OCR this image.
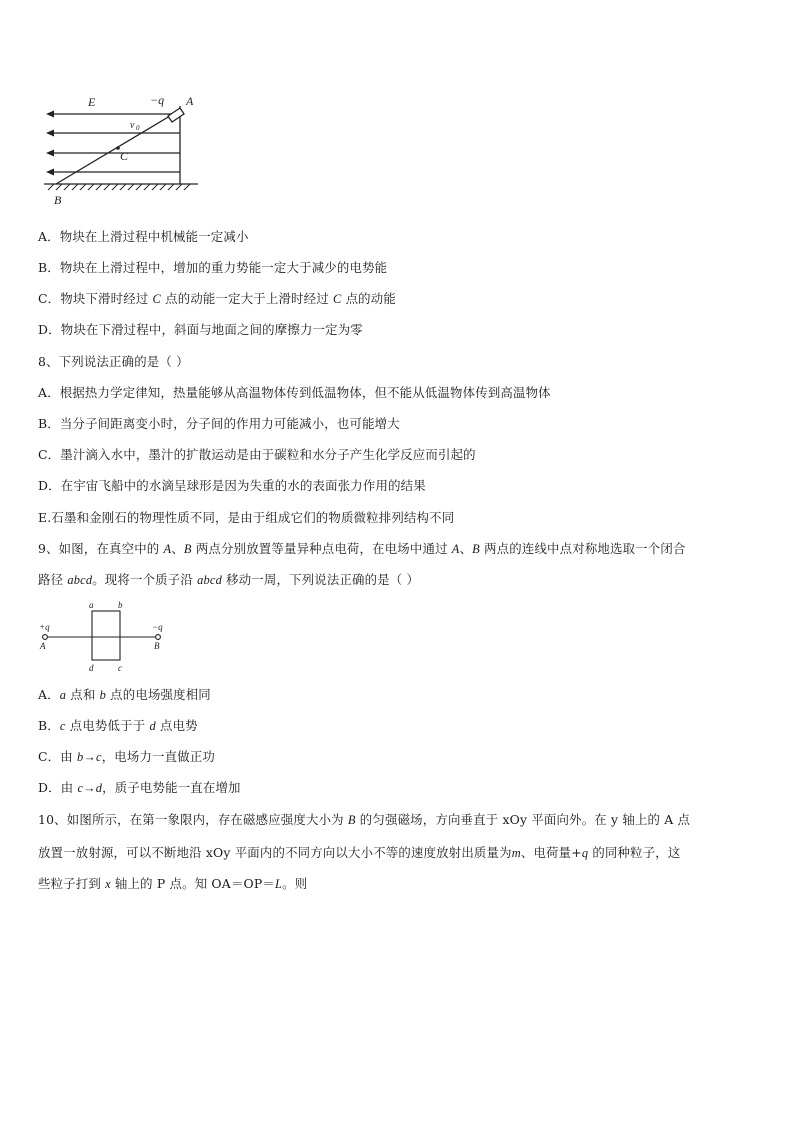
E	−q A
v 0
C
B
A．物块在上滑过程中机械能一定减小
B．物块在上滑过程中，增加的重力势能一定大于减少的电势能
C．物块下滑时经过 C 点的动能一定大于上滑时经过 C 点的动能
D．物块在下滑过程中，斜面与地面之间的摩擦力一定为零
8、下列说法正确的是（ ）
A．根据热力学定律知，热量能够从高温物体传到低温物体，但不能从低温物体传到高温物体
B．当分子间距离变小时，分子间的作用力可能减小，也可能增大
C．墨汁滴入水中，墨汁的扩散运动是由于碳粒和水分子产生化学反应而引起的
D．在宇宙飞船中的水滴呈球形是因为失重的水的表面张力作用的结果
E.石墨和金刚石的物理性质不同，是由于组成它们的物质微粒排列结构不同
9、如图，在真空中的 A、B 两点分别放置等量异种点电荷，在电场中通过 A、B 两点的连线中点对称地选取一个闭合
路径 abcd。现将一个质子沿 abcd 移动一周，下列说法正确的是（ ）
+q	−q
A	B
a	b
c
d
A．a 点和 b 点的电场强度相同
B．c 点电势低于于 d 点电势
C．由 b→c，电场力一直做正功
D．由 c→d，质子电势能一直在增加
10、如图所示，在第一象限内，存在磁感应强度大小为 B 的匀强磁场，方向垂直于 xOy 平面向外。在 y 轴上的 A 点
放置一放射源，可以不断地沿 xOy 平面内的不同方向以大小不等的速度放射出质量为m、电荷量+q 的同种粒子，这
些粒子打到 x 轴上的 P 点。知 OA＝OP＝L。则
